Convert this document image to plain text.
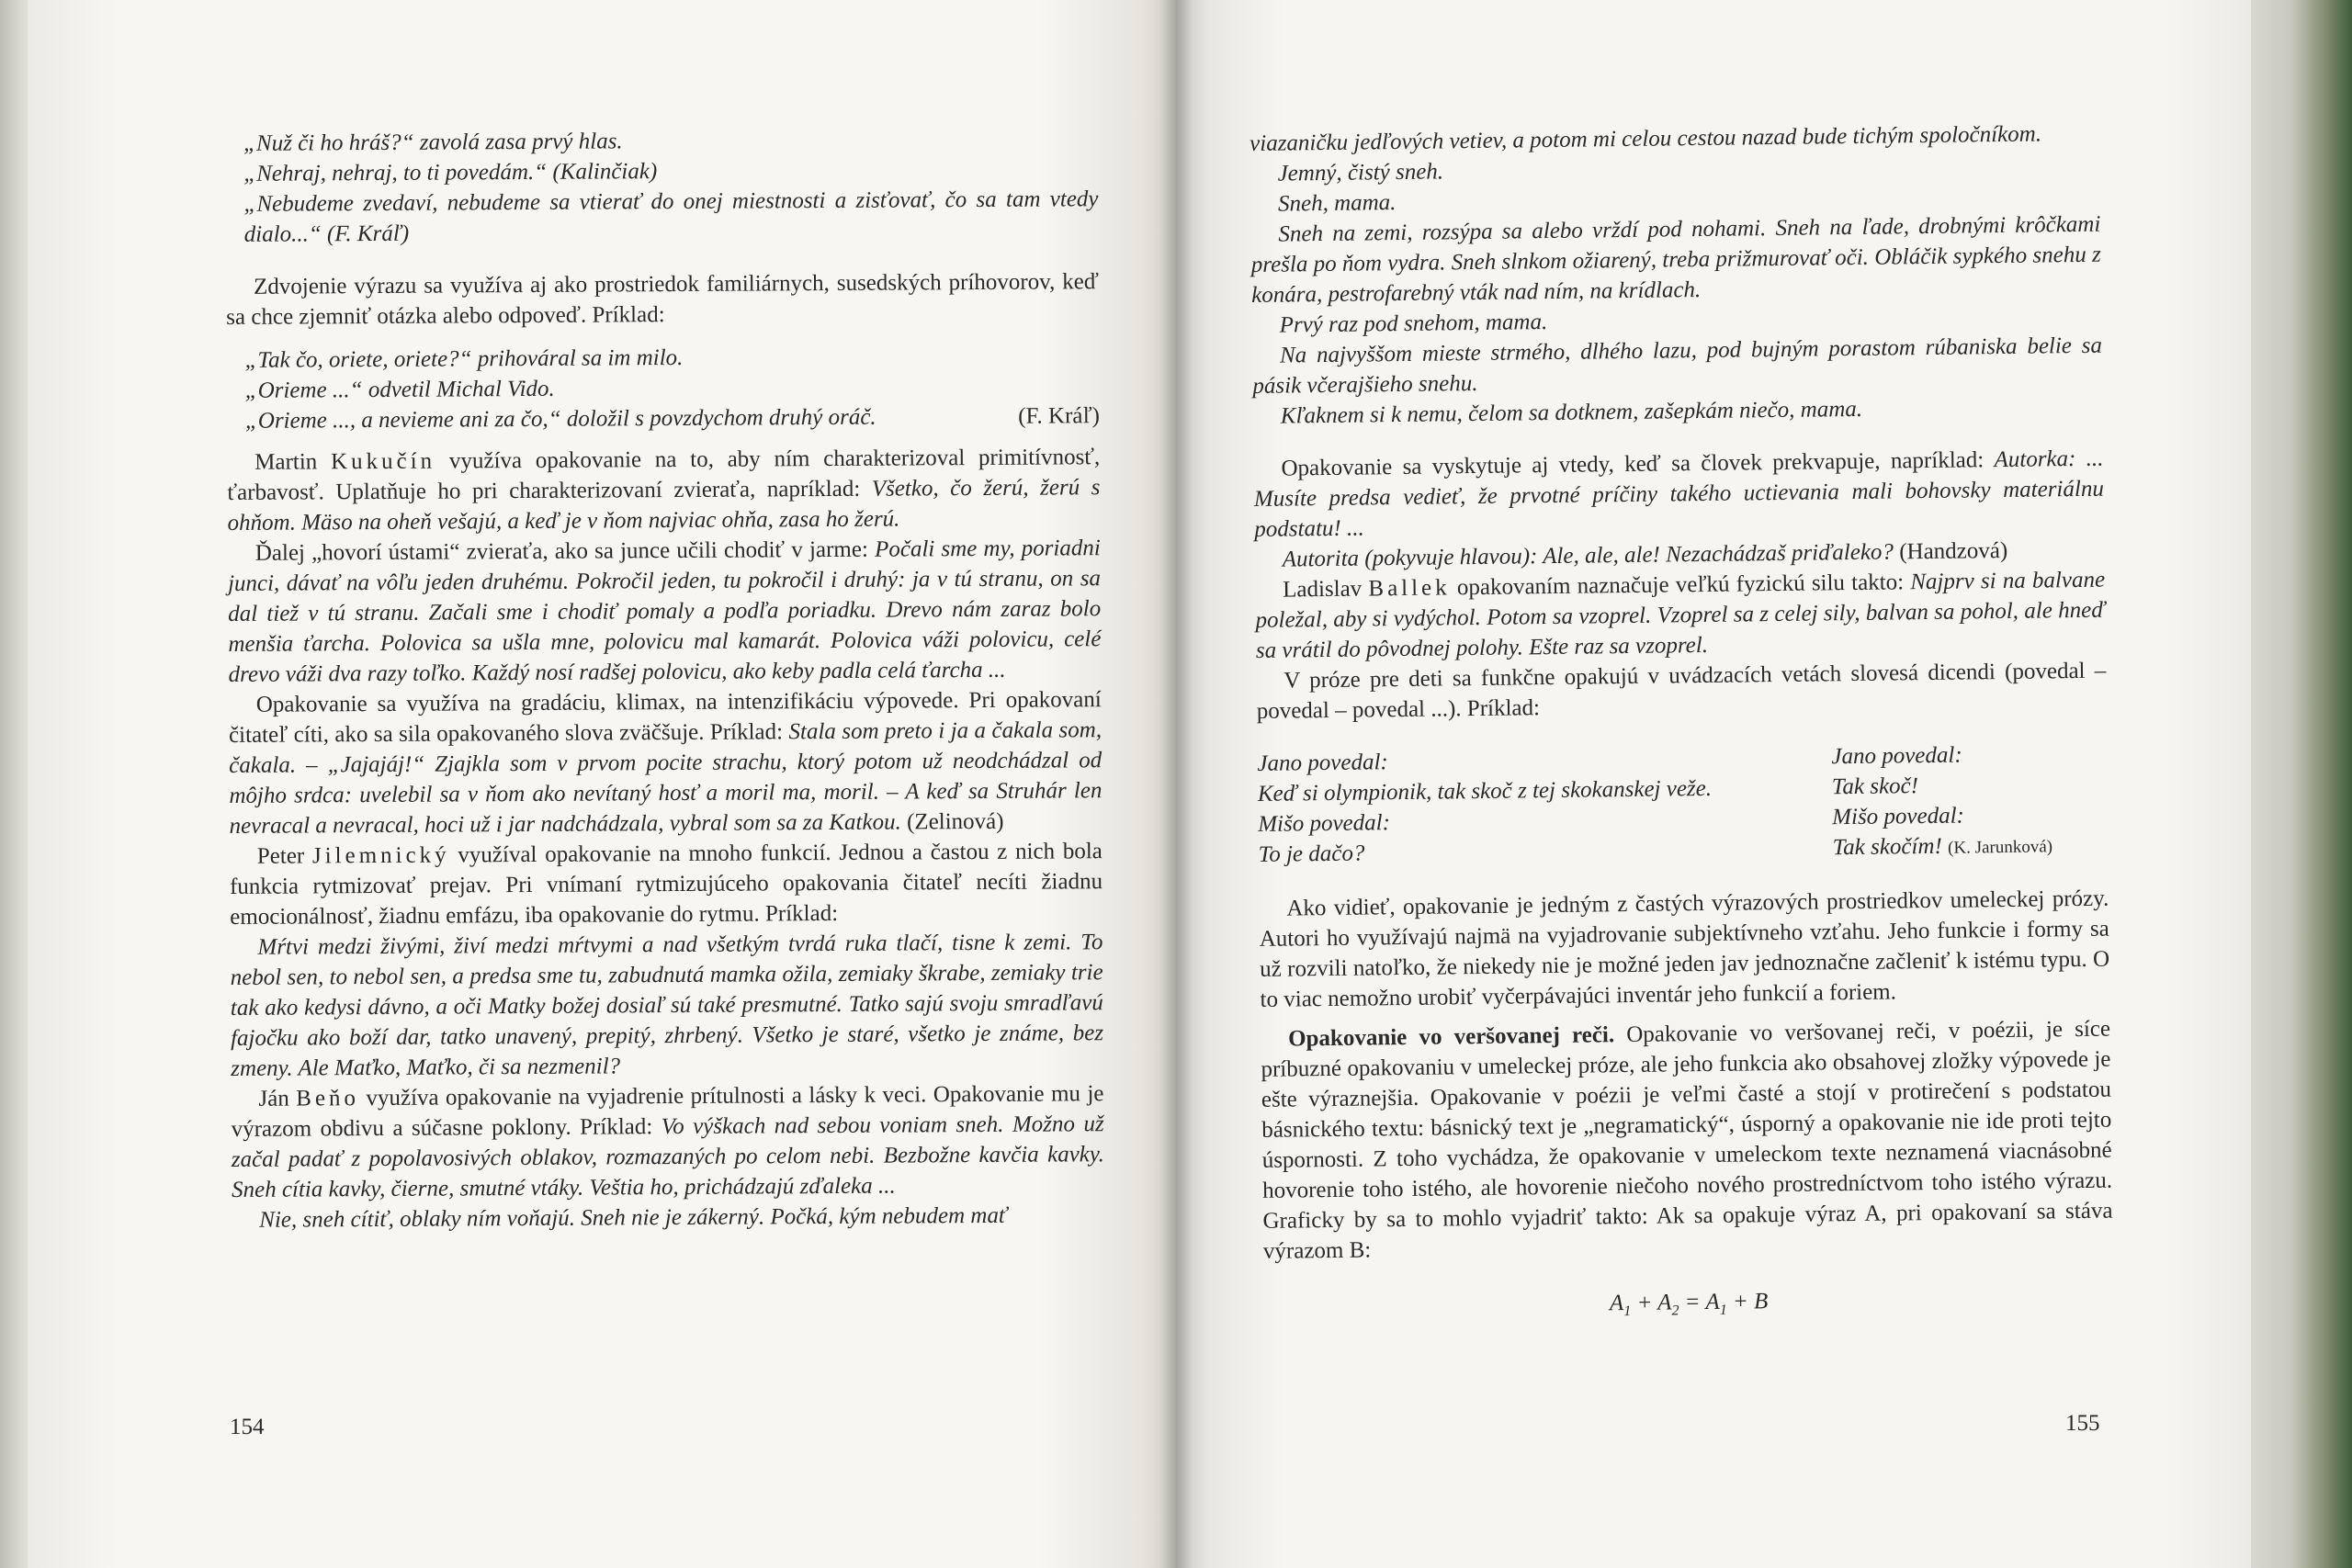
„Nuž či ho hráš?“ zavolá zasa prvý hlas.

„Nehraj, nehraj, to ti povedám.“ (Kalinčiak)

„Nebudeme zvedaví, nebudeme sa vtierať do onej miestnosti a zisťovať, čo sa tam vtedy dialo...“ (F. Kráľ)

Zdvojenie výrazu sa využíva aj ako prostriedok familiárnych, susedských príhovorov, keď sa chce zjemniť otázka alebo odpoveď. Príklad:

„Tak čo, oriete, oriete?“ prihováral sa im milo.

„Orieme ...“ odvetil Michal Vido.

„Orieme ..., a nevieme ani za čo,“ doložil s povzdychom druhý oráč.	(F. Kráľ)

Martin Kukučín využíva opakovanie na to, aby ním charakterizoval primitívnosť, ťarbavosť. Uplatňuje ho pri charakterizovaní zvieraťa, napríklad: Všetko, čo žerú, žerú s ohňom. Mäso na oheň vešajú, a keď je v ňom najviac ohňa, zasa ho žerú.

Ďalej „hovorí ústami“ zvieraťa, ako sa junce učili chodiť v jarme: Počali sme my, poriadni junci, dávať na vôľu jeden druhému. Pokročil jeden, tu pokročil i druhý: ja v tú stranu, on sa dal tiež v tú stranu. Začali sme i chodiť pomaly a podľa poriadku. Drevo nám zaraz bolo menšia ťarcha. Polovica sa ušla mne, polovicu mal kamarát. Polovica váži polovicu, celé drevo váži dva razy toľko. Každý nosí radšej polovicu, ako keby padla celá ťarcha ...

Opakovanie sa využíva na gradáciu, klimax, na intenzifikáciu výpovede. Pri opakovaní čitateľ cíti, ako sa sila opakovaného slova zväčšuje. Príklad: Stala som preto i ja a čakala som, čakala. – „Jajajáj!“ Zjajkla som v prvom pocite strachu, ktorý potom už neodchádzal od môjho srdca: uvelebil sa v ňom ako nevítaný hosť a moril ma, moril. – A keď sa Struhár len nevracal a nevracal, hoci už i jar nadchádzala, vybral som sa za Katkou. (Zelinová)

Peter Jilemnický využíval opakovanie na mnoho funkcií. Jednou a častou z nich bola funkcia rytmizovať prejav. Pri vnímaní rytmizujúceho opakovania čitateľ necíti žiadnu emocionálnosť, žiadnu emfázu, iba opakovanie do rytmu. Príklad:

Mŕtvi medzi živými, živí medzi mŕtvymi a nad všetkým tvrdá ruka tlačí, tisne k zemi. To nebol sen, to nebol sen, a predsa sme tu, zabudnutá mamka ožila, zemiaky škrabe, zemiaky trie tak ako kedysi dávno, a oči Matky božej dosiaľ sú také presmutné. Tatko sajú svoju smradľavú fajočku ako boží dar, tatko unavený, prepitý, zhrbený. Všetko je staré, všetko je známe, bez zmeny. Ale Maťko, Maťko, či sa nezmenil?

Ján Beňo využíva opakovanie na vyjadrenie prítulnosti a lásky k veci. Opakovanie mu je výrazom obdivu a súčasne poklony. Príklad: Vo výškach nad sebou voniam sneh. Možno už začal padať z popolavosivých oblakov, rozmazaných po celom nebi. Bezbožne kavčia kavky. Sneh cítia kavky, čierne, smutné vtáky. Veštia ho, prichádzajú zďaleka ...

Nie, sneh cítiť, oblaky ním voňajú. Sneh nie je zákerný. Počká, kým nebudem mať

154

viazaničku jedľových vetiev, a potom mi celou cestou nazad bude tichým spoločníkom.

Jemný, čistý sneh.

Sneh, mama.

Sneh na zemi, rozsýpa sa alebo vrždí pod nohami. Sneh na ľade, drobnými krôčkami prešla po ňom vydra. Sneh slnkom ožiarený, treba prižmurovať oči. Obláčik sypkého snehu z konára, pestrofarebný vták nad ním, na krídlach.

Prvý raz pod snehom, mama.

Na najvyššom mieste strmého, dlhého lazu, pod bujným porastom rúbaniska belie sa pásik včerajšieho snehu.

Kľaknem si k nemu, čelom sa dotknem, zašepkám niečo, mama.

Opakovanie sa vyskytuje aj vtedy, keď sa človek prekvapuje, napríklad: Autorka: ... Musíte predsa vedieť, že prvotné príčiny takého uctievania mali bohovsky materiálnu podstatu! ...

Autorita (pokyvuje hlavou): Ale, ale, ale! Nezachádzaš priďaleko? (Handzová)

Ladislav Ballek opakovaním naznačuje veľkú fyzickú silu takto: Najprv si na balvane poležal, aby si vydýchol. Potom sa vzoprel. Vzoprel sa z celej sily, balvan sa pohol, ale hneď sa vrátil do pôvodnej polohy. Ešte raz sa vzoprel.

V próze pre deti sa funkčne opakujú v uvádzacích vetách slovesá dicendi (povedal – povedal – povedal ...). Príklad:

Jano povedal:	Jano povedal:
Keď si olympionik, tak skoč z tej skokanskej veže.	Tak skoč!
Mišo povedal:	Mišo povedal:
To je dačo?	Tak skočím! (K. Jarunková)

Ako vidieť, opakovanie je jedným z častých výrazových prostriedkov umeleckej prózy. Autori ho využívajú najmä na vyjadrovanie subjektívneho vzťahu. Jeho funkcie i formy sa už rozvili natoľko, že niekedy nie je možné jeden jav jednoznačne začleniť k istému typu. O to viac nemožno urobiť vyčerpávajúci inventár jeho funkcií a foriem.

Opakovanie vo veršovanej reči. Opakovanie vo veršovanej reči, v poézii, je síce príbuzné opakovaniu v umeleckej próze, ale jeho funkcia ako obsahovej zložky výpovede je ešte výraznejšia. Opakovanie v poézii je veľmi časté a stojí v protirečení s podstatou básnického textu: básnický text je „negramatický“, úsporný a opakovanie nie ide proti tejto úspornosti. Z toho vychádza, že opakovanie v umeleckom texte neznamená viacnásobné hovorenie toho istého, ale hovorenie niečoho nového prostredníctvom toho istého výrazu. Graficky by sa to mohlo vyjadriť takto: Ak sa opakuje výraz A, pri opakovaní sa stáva výrazom B:

$A_1 + A_2 = A_1 + B$

155
